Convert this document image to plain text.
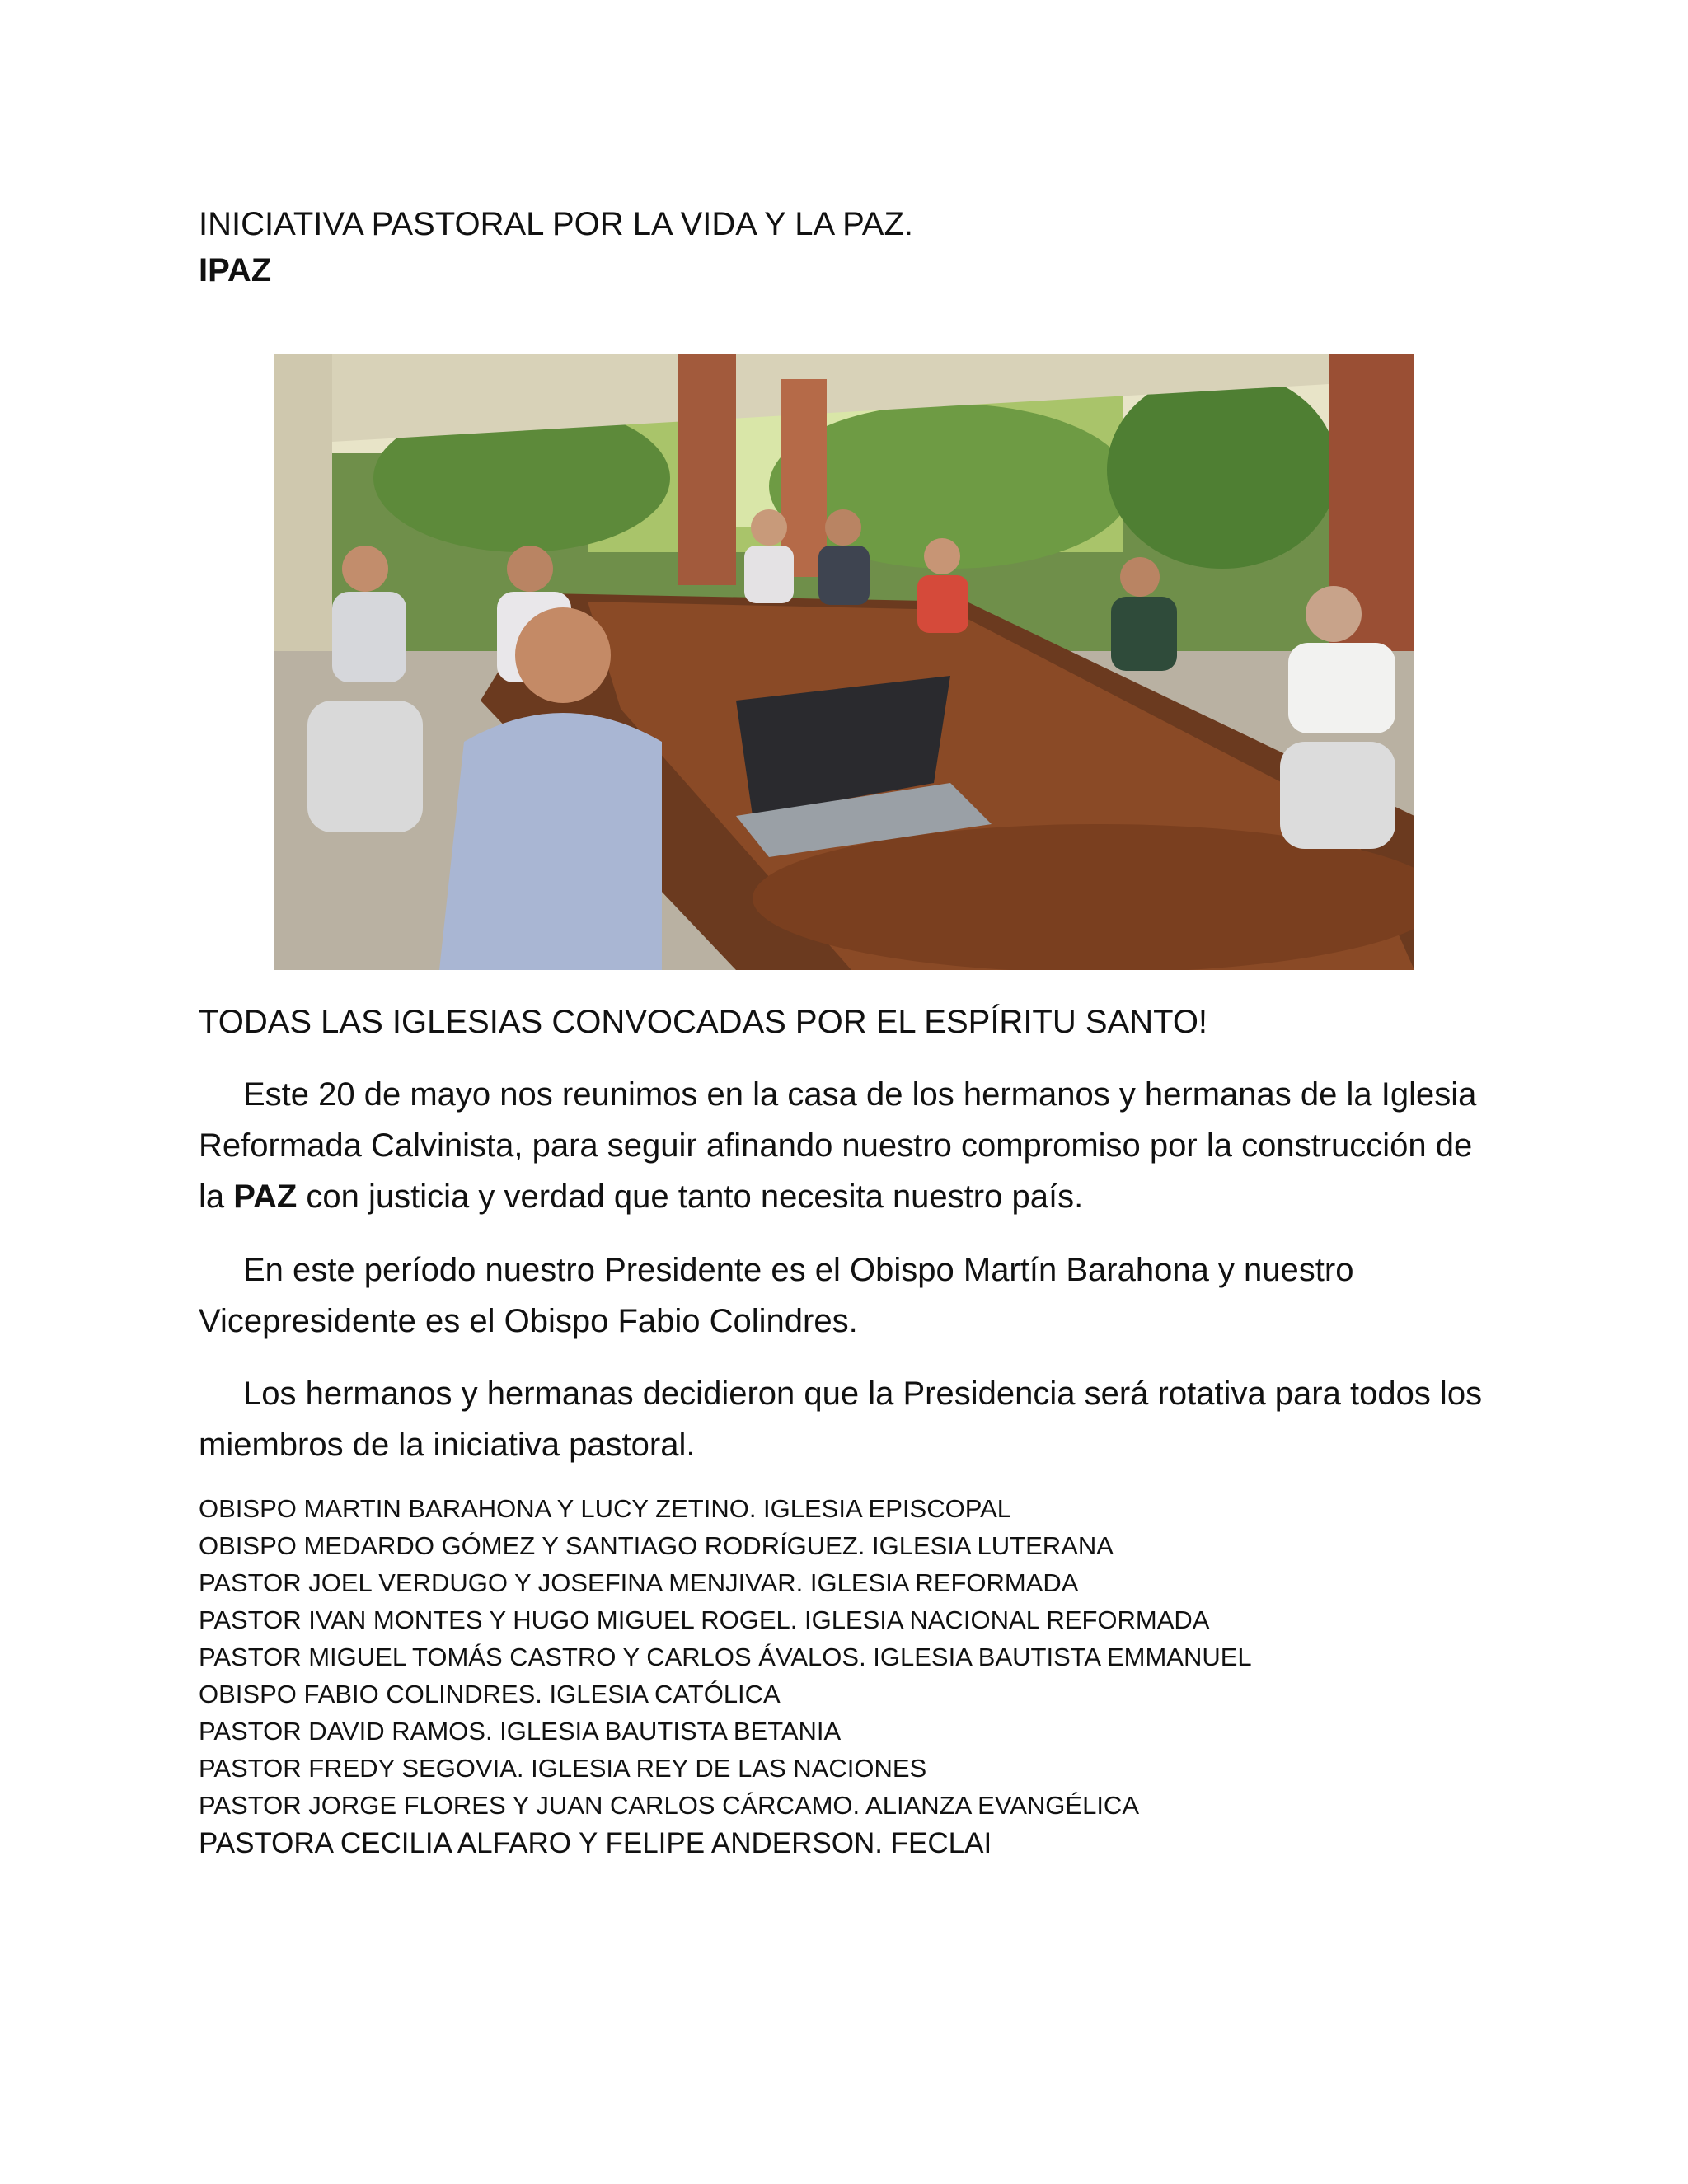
INICIATIVA PASTORAL POR LA VIDA Y LA PAZ.
IPAZ
TODAS LAS IGLESIAS CONVOCADAS POR EL ESPÍRITU SANTO!

Este 20 de mayo nos reunimos en la casa de los hermanos y hermanas de la Iglesia Reformada Calvinista, para seguir afinando nuestro compromiso por la construcción de la PAZ con justicia y verdad que tanto necesita nuestro país.

En este período nuestro Presidente es el Obispo Martín Barahona y nuestro Vicepresidente es el Obispo Fabio Colindres.

Los hermanos y hermanas decidieron que la Presidencia será rotativa para todos los miembros de la iniciativa pastoral.

OBISPO MARTIN BARAHONA Y LUCY ZETINO. IGLESIA EPISCOPAL
OBISPO MEDARDO GÓMEZ Y SANTIAGO RODRÍGUEZ. IGLESIA LUTERANA
PASTOR JOEL VERDUGO Y JOSEFINA MENJIVAR. IGLESIA REFORMADA
PASTOR IVAN MONTES Y HUGO MIGUEL ROGEL. IGLESIA NACIONAL REFORMADA
PASTOR MIGUEL TOMÁS CASTRO Y CARLOS ÁVALOS. IGLESIA BAUTISTA EMMANUEL
OBISPO FABIO COLINDRES. IGLESIA CATÓLICA
PASTOR DAVID RAMOS. IGLESIA BAUTISTA BETANIA
PASTOR FREDY SEGOVIA. IGLESIA REY DE LAS NACIONES
PASTOR JORGE FLORES Y JUAN CARLOS CÁRCAMO. ALIANZA EVANGÉLICA
PASTORA CECILIA ALFARO Y FELIPE ANDERSON. FECLAI
